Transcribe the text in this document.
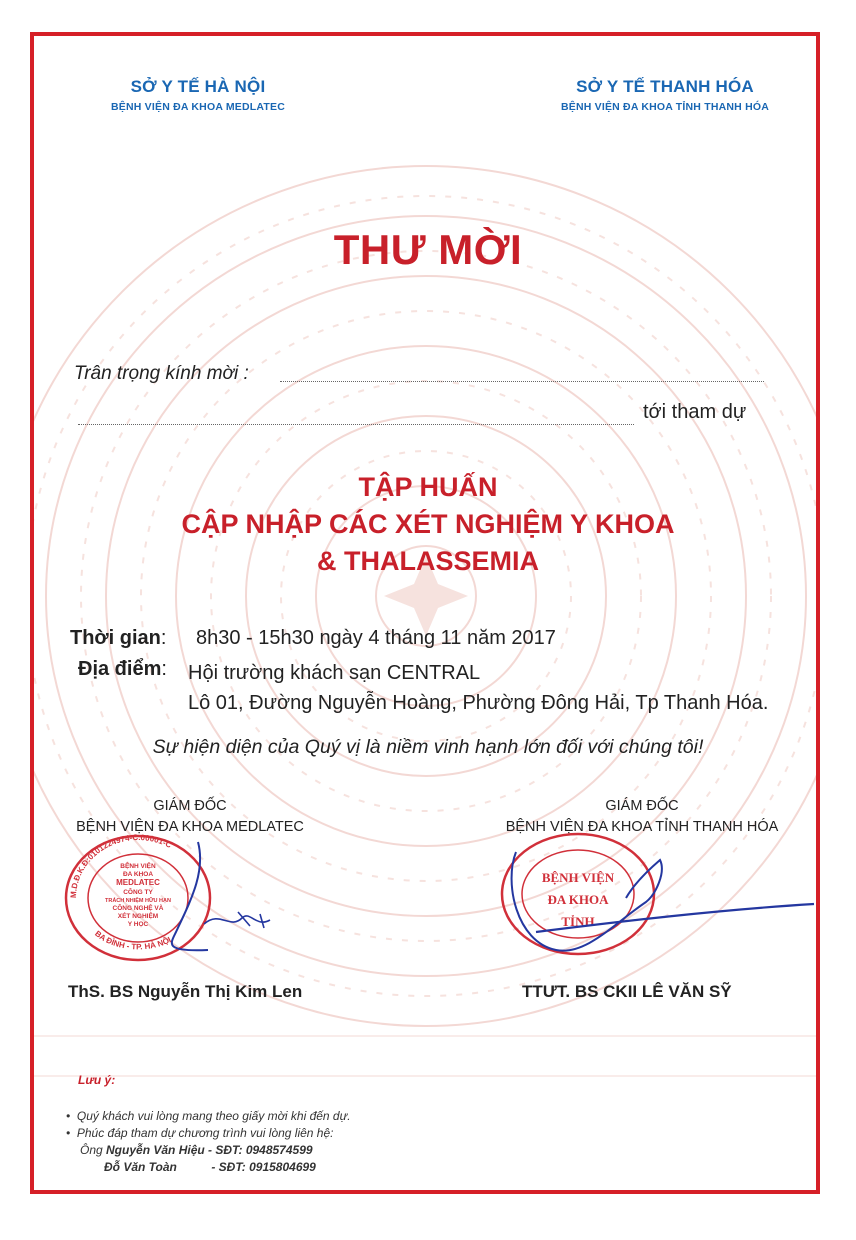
SỞ Y TẾ HÀ NỘI
BỆNH VIỆN ĐA KHOA MEDLATEC
SỞ Y TẾ THANH HÓA
BỆNH VIỆN ĐA KHOA TỈNH THANH HÓA
THƯ MỜI
Trân trọng kính mời :
tới tham dự
TẬP HUẤN
CẬP NHẬP CÁC XÉT NGHIỆM Y KHOA
& THALASSEMIA
Thời gian: 8h30 - 15h30 ngày 4 tháng 11 năm 2017
Địa điểm: Hội trường khách sạn CENTRAL
Lô 01, Đường Nguyễn Hoàng, Phường Đông Hải, Tp Thanh Hóa.
Sự hiện diện của Quý vị là niềm vinh hạnh lớn đối với chúng tôi!
GIÁM ĐỐC
BỆNH VIỆN ĐA KHOA MEDLATEC
M.D.Đ.K.Đ:0101224974-C.00001-C
BA ĐÌNH - TP. HÀ NỘI
BỆNH VIỆN
ĐA KHOA
MEDLATEC
CÔNG TY
TRÁCH NHIỆM HỮU HẠN
CÔNG NGHỆ VÀ
XÉT NGHIỆM
Y HỌC
ThS. BS Nguyễn Thị Kim Len
GIÁM ĐỐC
BỆNH VIỆN ĐA KHOA TỈNH THANH HÓA
BỆNH VIỆN
ĐA KHOA
TỈNH
TTƯT. BS CKII LÊ VĂN SỸ
Lưu ý:
•  Quý khách vui lòng mang theo giấy mời khi đến dự.
•  Phúc đáp tham dự chương trình vui lòng liên hệ:
Ông Nguyễn Văn Hiệu - SĐT: 0948574599
Đỗ Văn Toàn	- SĐT: 0915804699
